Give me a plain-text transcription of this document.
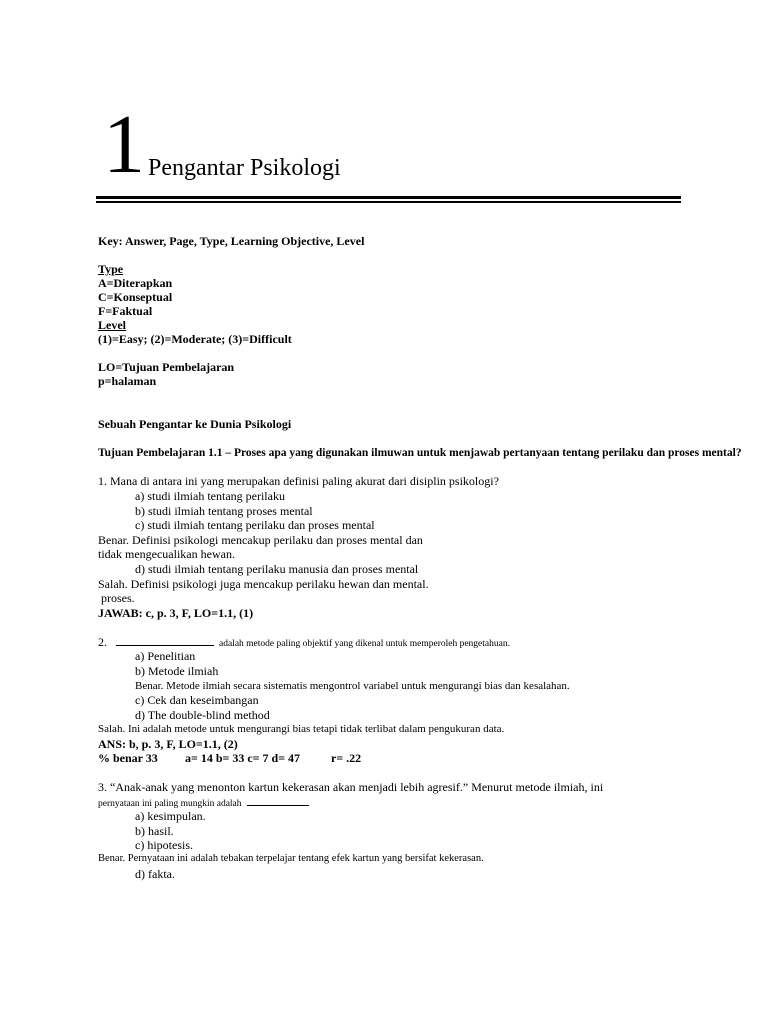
1 Pengantar Psikologi
Key: Answer, Page, Type, Learning Objective, Level
Type
A=Diterapkan
C=Konseptual
F=Faktual
Level
(1)=Easy; (2)=Moderate; (3)=Difficult
LO=Tujuan Pembelajaran
p=halaman
Sebuah Pengantar ke Dunia Psikologi
Tujuan Pembelajaran 1.1 – Proses apa yang digunakan ilmuwan untuk menjawab pertanyaan tentang perilaku dan proses mental?
1. Mana di antara ini yang merupakan definisi paling akurat dari disiplin psikologi?
a) studi ilmiah tentang perilaku
b) studi ilmiah tentang proses mental
c) studi ilmiah tentang perilaku dan proses mental
Benar. Definisi psikologi mencakup perilaku dan proses mental dan
tidak mengecualikan hewan.
d) studi ilmiah tentang perilaku manusia dan proses mental
Salah. Definisi psikologi juga mencakup perilaku hewan dan mental.
proses.
JAWAB: c, p. 3, F, LO=1.1, (1)
2.	adalah metode paling objektif yang dikenal untuk memperoleh pengetahuan.
a) Penelitian
b) Metode ilmiah
Benar. Metode ilmiah secara sistematis mengontrol variabel untuk mengurangi bias dan kesalahan.
c) Cek dan keseimbangan
d) The double-blind method
Salah. Ini adalah metode untuk mengurangi bias tetapi tidak terlibat dalam pengukuran data.
ANS: b, p. 3, F, LO=1.1, (2)
% benar 33 a= 14 b= 33 c= 7 d= 47	r= .22
3. “Anak-anak yang menonton kartun kekerasan akan menjadi lebih agresif.” Menurut metode ilmiah, ini
pernyataan ini paling mungkin adalah
a) kesimpulan.
b) hasil.
c) hipotesis.
Benar. Pernyataan ini adalah tebakan terpelajar tentang efek kartun yang bersifat kekerasan.
d) fakta.
